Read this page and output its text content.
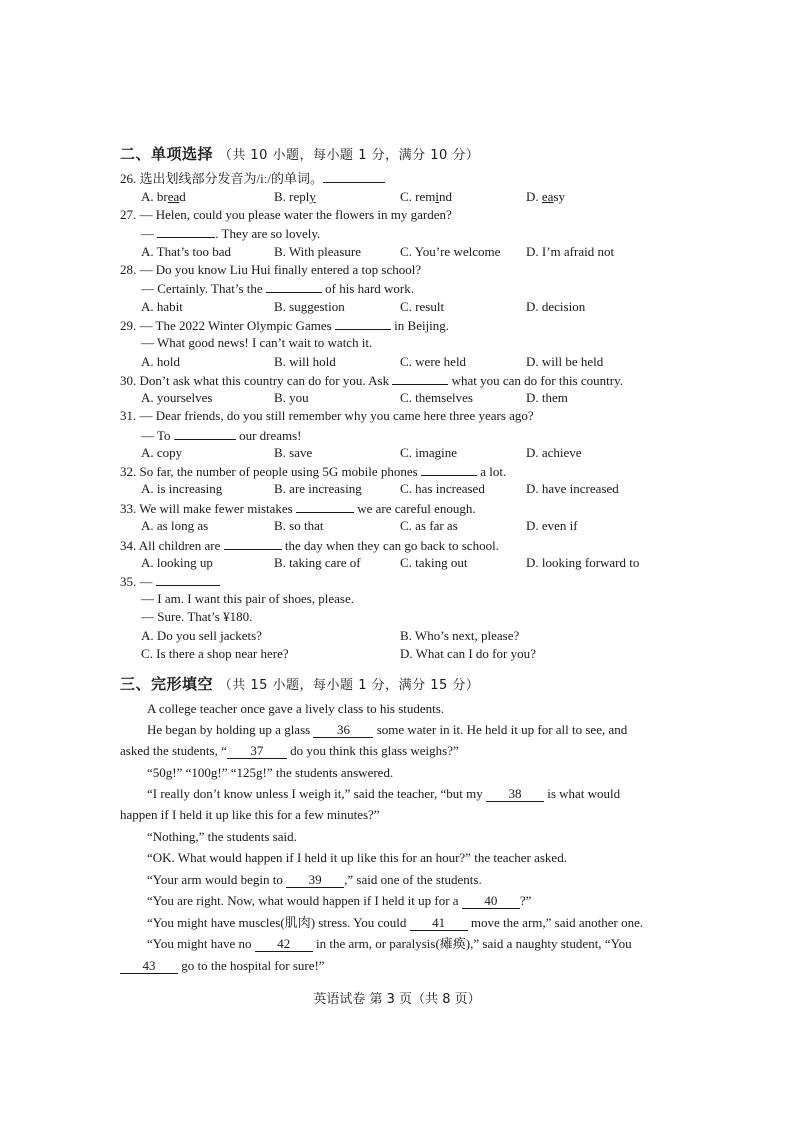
二、单项选择 （共 10 小题，每小题 1 分，满分 10 分）
26. 选出划线部分发音为/iː/的单词。
A. bread	B. reply	C. remind	D. easy
27. — Helen, could you please water the flowers in my garden?
—	. They are so lovely.
A. That’s too bad	B. With pleasure	C. You’re welcome D. I’m afraid not
28. — Do you know Liu Hui finally entered a top school?
— Certainly. That’s the	of his hard work.
A. habit	B. suggestion	C. result	D. decision
29. — The 2022 Winter Olympic Games	in Beijing.
— What good news! I can’t wait to watch it.
A. hold	B. will hold	C. were held	D. will be held
30. Don’t ask what this country can do for you. Ask	what you can do for this country.
A. yourselves	B. you	C. themselves	D. them
31. — Dear friends, do you still remember why you came here three years ago?
— To	our dreams!
A. copy	B. save	C. imagine	D. achieve
32. So far, the number of people using 5G mobile phones	a lot.
A. is increasing	B. are increasing	C. has increased	D. have increased
33. We will make fewer mistakes	we are careful enough.
A. as long as	B. so that	C. as far as	D. even if
34. All children are	the day when they can go back to school.
A. looking up	B. taking care of	C. taking out	D. looking forward to
35. —
— I am. I want this pair of shoes, please.
— Sure. That’s ¥180.
A. Do you sell jackets?	B. Who’s next, please?
C. Is there a shop near here?	D. What can I do for you?
三、完形填空 （共 15 小题，每小题 1 分，满分 15 分）
A college teacher once gave a lively class to his students.
He began by holding up a glass 36 some water in it. He held it up for all to see, and
asked the students, “ 37 do you think this glass weighs?”
“50g!” “100g!” “125g!” the students answered.
“I really don’t know unless I weigh it,” said the teacher, “but my 38 is what would
happen if I held it up like this for a few minutes?”
“Nothing,” the students said.
“OK. What would happen if I held it up like this for an hour?” the teacher asked.
“Your arm would begin to 39 ,” said one of the students.
“You are right. Now, what would happen if I held it up for a 40 ?”
“You might have muscles(肌肉) stress. You could 41 move the arm,” said another one.
“You might have no 42 in the arm, or paralysis(瘫痪),” said a naughty student, “You
43 go to the hospital for sure!”
英语试卷 第 3 页（共 8 页）
